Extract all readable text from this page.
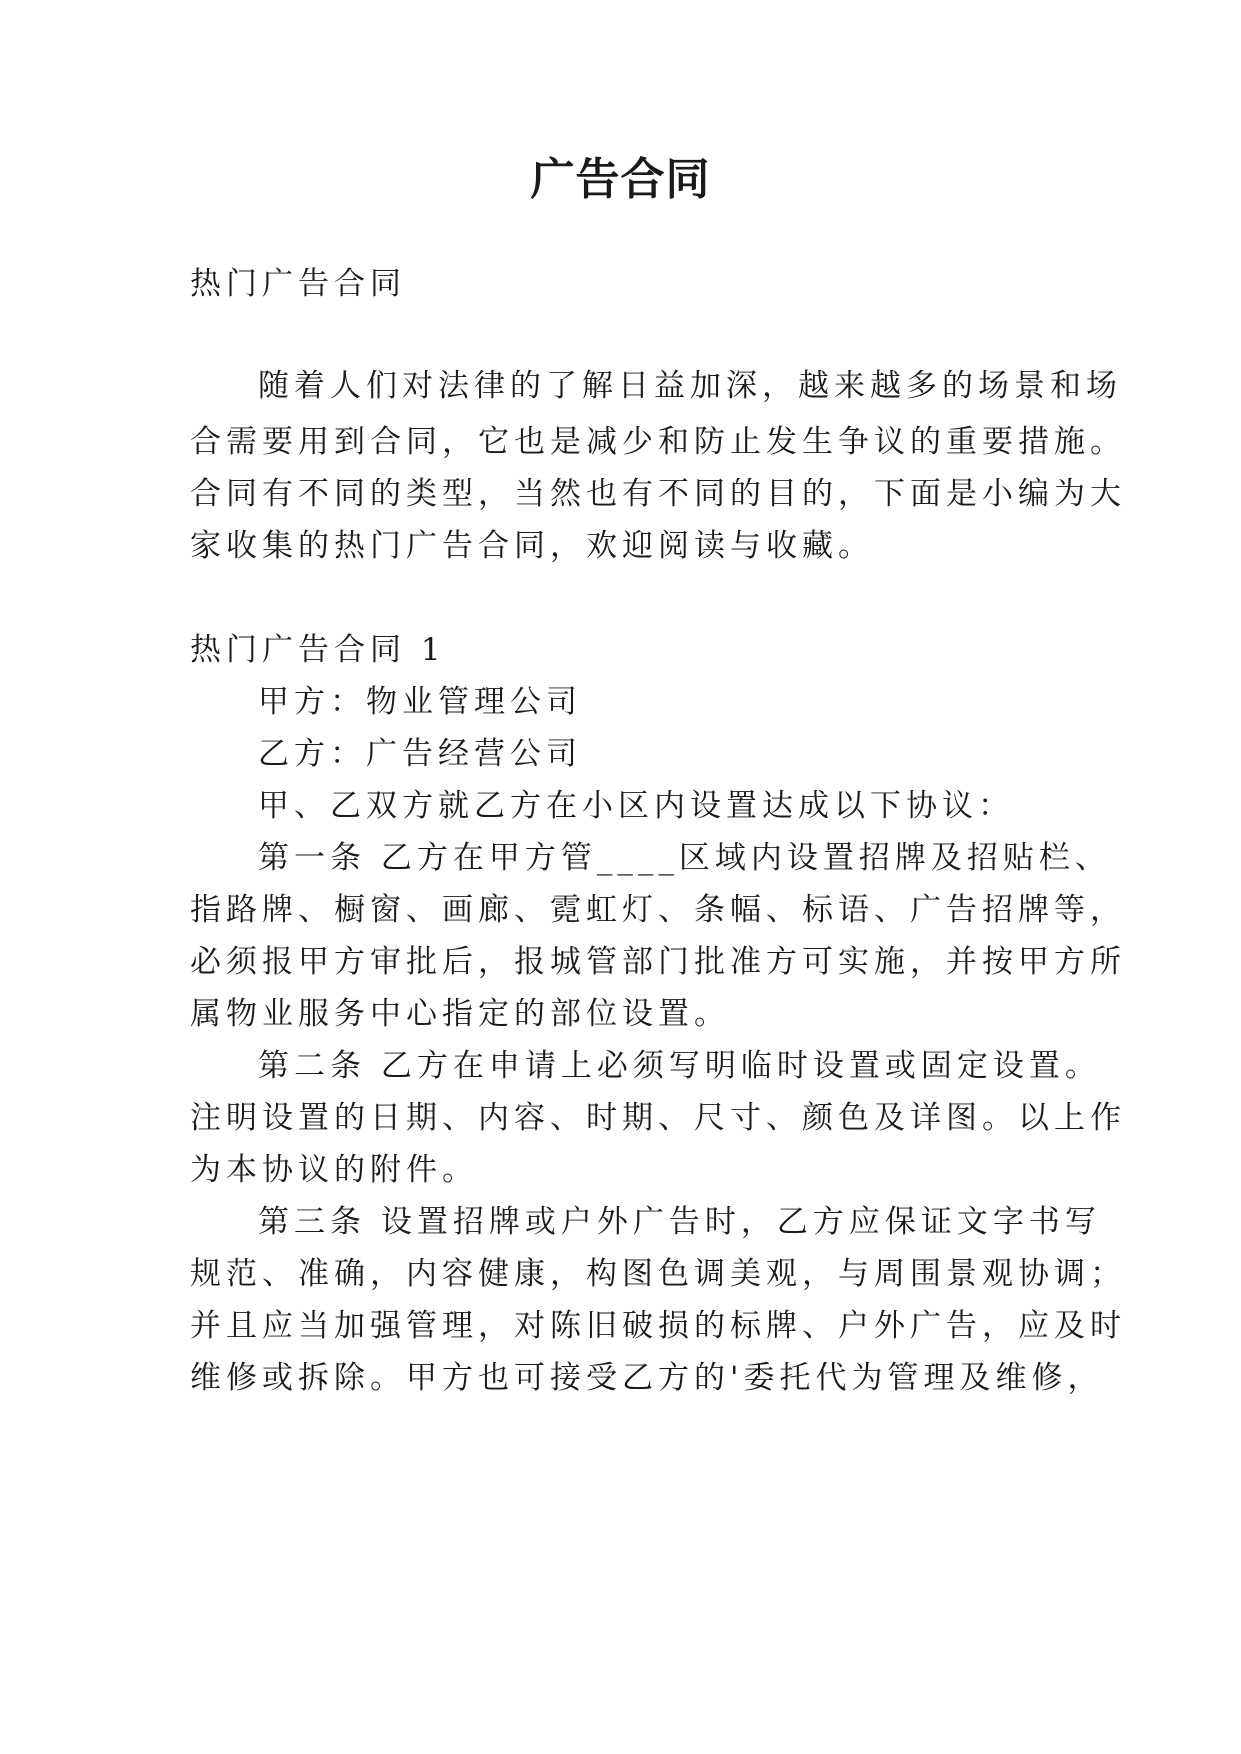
广告合同

热门广告合同

随着人们对法律的了解日益加深，越来越多的场景和场

合需要用到合同，它也是减少和防止发生争议的重要措施。

合同有不同的类型，当然也有不同的目的，下面是小编为大

家收集的热门广告合同，欢迎阅读与收藏。

热门广告合同 1

甲方：物业管理公司

乙方：广告经营公司

甲、乙双方就乙方在小区内设置达成以下协议：

第一条 乙方在甲方管____区域内设置招牌及招贴栏、

指路牌、橱窗、画廊、霓虹灯、条幅、标语、广告招牌等，

必须报甲方审批后，报城管部门批准方可实施，并按甲方所

属物业服务中心指定的部位设置。

第二条 乙方在申请上必须写明临时设置或固定设置。

注明设置的日期、内容、时期、尺寸、颜色及详图。以上作

为本协议的附件。

第三条 设置招牌或户外广告时，乙方应保证文字书写

规范、准确，内容健康，构图色调美观，与周围景观协调；

并且应当加强管理，对陈旧破损的标牌、户外广告，应及时

维修或拆除。甲方也可接受乙方的'委托代为管理及维修，
